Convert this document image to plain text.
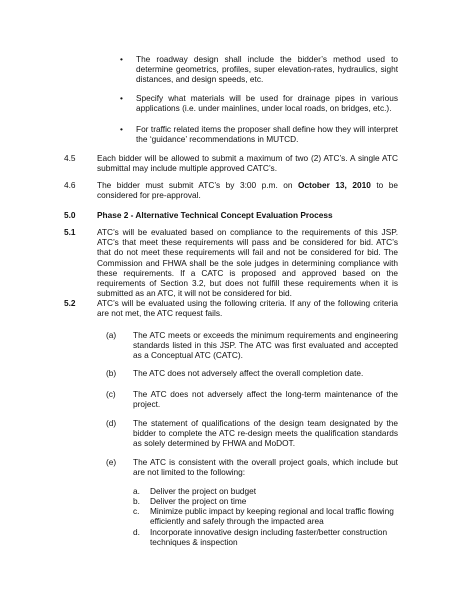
•	The roadway design shall include the bidder’s method used to determine geometrics, profiles, super elevation-rates, hydraulics, sight distances, and design speeds, etc.
•	Specify what materials will be used for drainage pipes in various applications (i.e. under mainlines, under local roads, on bridges, etc.).
•	For traffic related items the proposer shall define how they will interpret the ‘guidance’ recommendations in MUTCD.
4.5	Each bidder will be allowed to submit a maximum of two (2) ATC’s. A single ATC submittal may include multiple approved CATC’s.
4.6	The bidder must submit ATC’s by 3:00 p.m. on October 13, 2010 to be considered for pre-approval.
5.0	Phase 2 - Alternative Technical Concept Evaluation Process
5.1	ATC’s will be evaluated based on compliance to the requirements of this JSP. ATC’s that meet these requirements will pass and be considered for bid. ATC’s that do not meet these requirements will fail and not be considered for bid. The Commission and FHWA shall be the sole judges in determining compliance with these requirements. If a CATC is proposed and approved based on the requirements of Section 3.2, but does not fulfill these requirements when it is submitted as an ATC, it will not be considered for bid.
5.2	ATC’s will be evaluated using the following criteria. If any of the following criteria are not met, the ATC request fails.
(a) The ATC meets or exceeds the minimum requirements and engineering standards listed in this JSP. The ATC was first evaluated and accepted as a Conceptual ATC (CATC).
(b) The ATC does not adversely affect the overall completion date.
(c) The ATC does not adversely affect the long-term maintenance of the project.
(d) The statement of qualifications of the design team designated by the bidder to complete the ATC re-design meets the qualification standards as solely determined by FHWA and MoDOT.
(e) The ATC is consistent with the overall project goals, which include but are not limited to the following:
a.	Deliver the project on budget
b.	Deliver the project on time
c.	Minimize public impact by keeping regional and local traffic flowing efficiently and safely through the impacted area
d.	Incorporate innovative design including faster/better construction techniques & inspection
